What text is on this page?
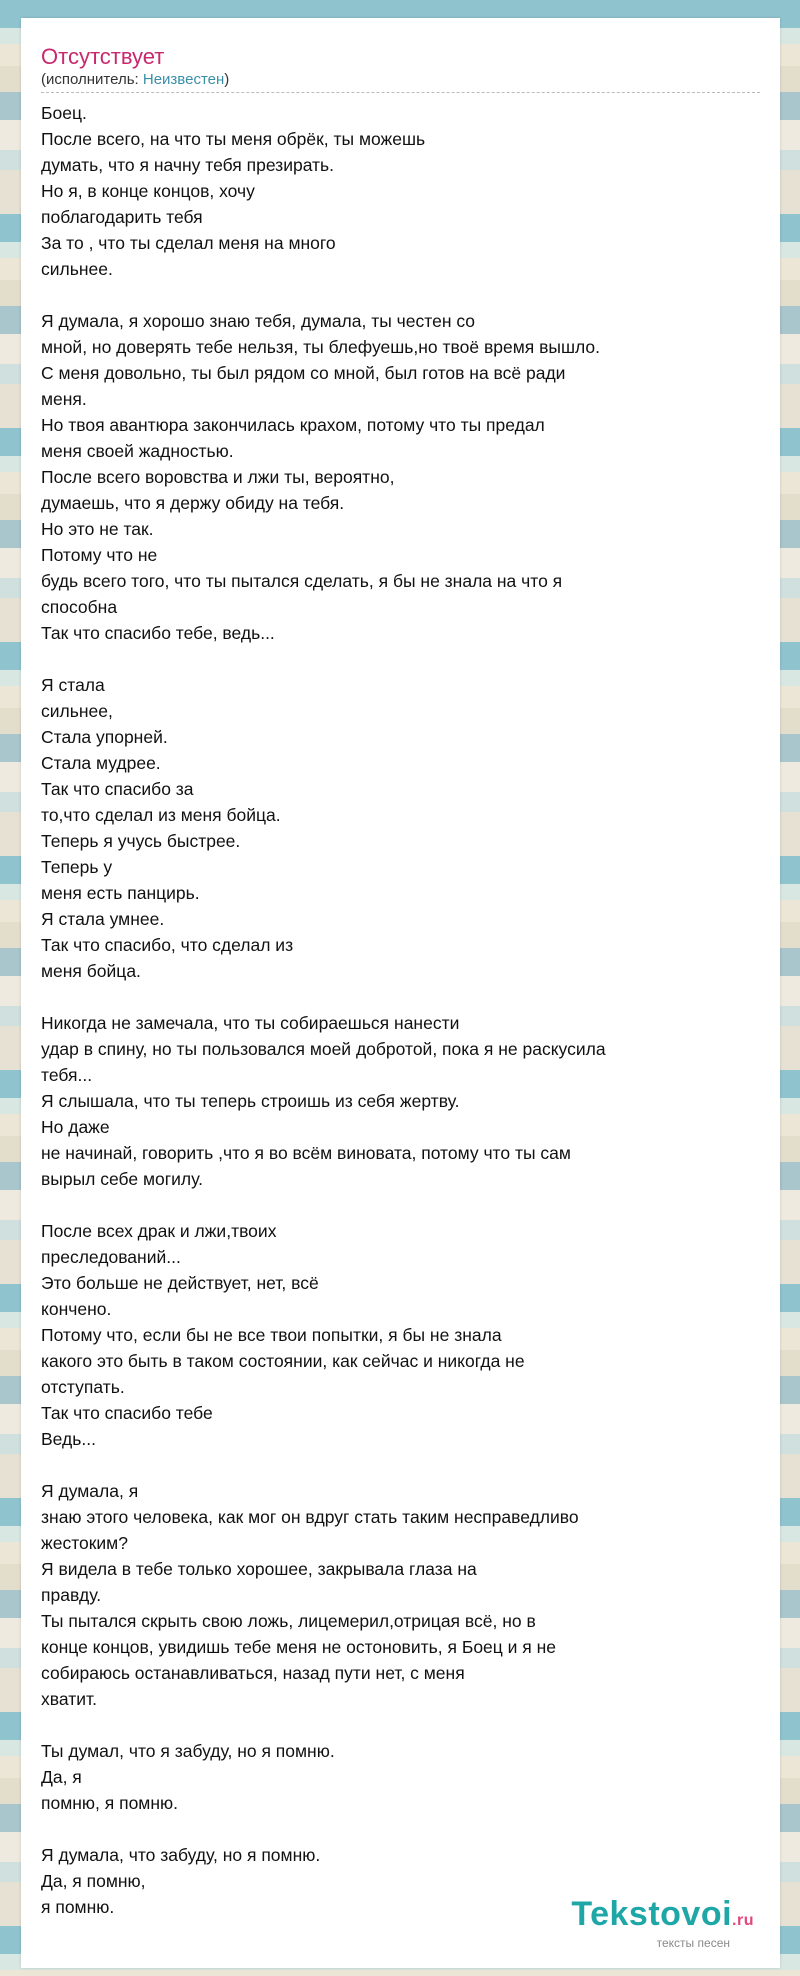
Отсутствует
(исполнитель: Неизвестен)
Боец.
После всего, на что ты меня обрёк, ты можешь
думать, что я начну тебя презирать.
Но я, в конце концов, хочу
поблагодарить тебя
За то , что ты сделал меня на много
сильнее.

Я думала, я хорошо знаю тебя, думала, ты честен со
мной, но доверять тебе нельзя, ты блефуешь,но твоё время вышло.
С меня довольно, ты был рядом со мной, был готов на всё ради
меня.
Но твоя авантюра закончилась крахом, потому что ты предал
меня своей жадностью.
После всего воровства и лжи ты, вероятно,
думаешь, что я держу обиду на тебя.
Но это не так.
Потому что не
будь всего того, что ты пытался сделать, я бы не знала на что я
способна
Так что спасибо тебе, ведь...

Я стала
сильнее,
Стала упорней.
Стала мудрее.
Так что спасибо за
то,что сделал из меня бойца.
Теперь я учусь быстрее.
Теперь у
меня есть панцирь.
Я стала умнее.
Так что спасибо, что сделал из
меня бойца.

Никогда не замечала, что ты собираешься нанести
удар в спину, но ты пользовался моей добротой, пока я не раскусила
тебя...
Я слышала, что ты теперь строишь из себя жертву.
Но даже
не начинай, говорить ,что я во всём виновата, потому что ты сам
вырыл себе могилу.

После всех драк и лжи,твоих
преследований...
Это больше не действует, нет, всё
кончено.
Потому что, если бы не все твои попытки, я бы не знала
какого это быть в таком состоянии, как сейчас и никогда не
отступать.
Так что спасибо тебе
Ведь...

Я думала, я
знаю этого человека, как мог он вдруг стать таким несправедливо
жестоким?
Я видела в тебе только хорошее, закрывала глаза на
правду.
Ты пытался скрыть свою ложь, лицемерил,отрицая всё, но в
конце концов, увидишь тебе меня не остоновить, я Боец и я не
собираюсь останавливаться, назад пути нет, с меня
хватит.

Ты думал, что я забуду, но я помню.
Да, я
помню, я помню.

Я думала, что забуду, но я помню.
Да, я помню,
я помню.	Tekstovoi.ru
тексты песен
